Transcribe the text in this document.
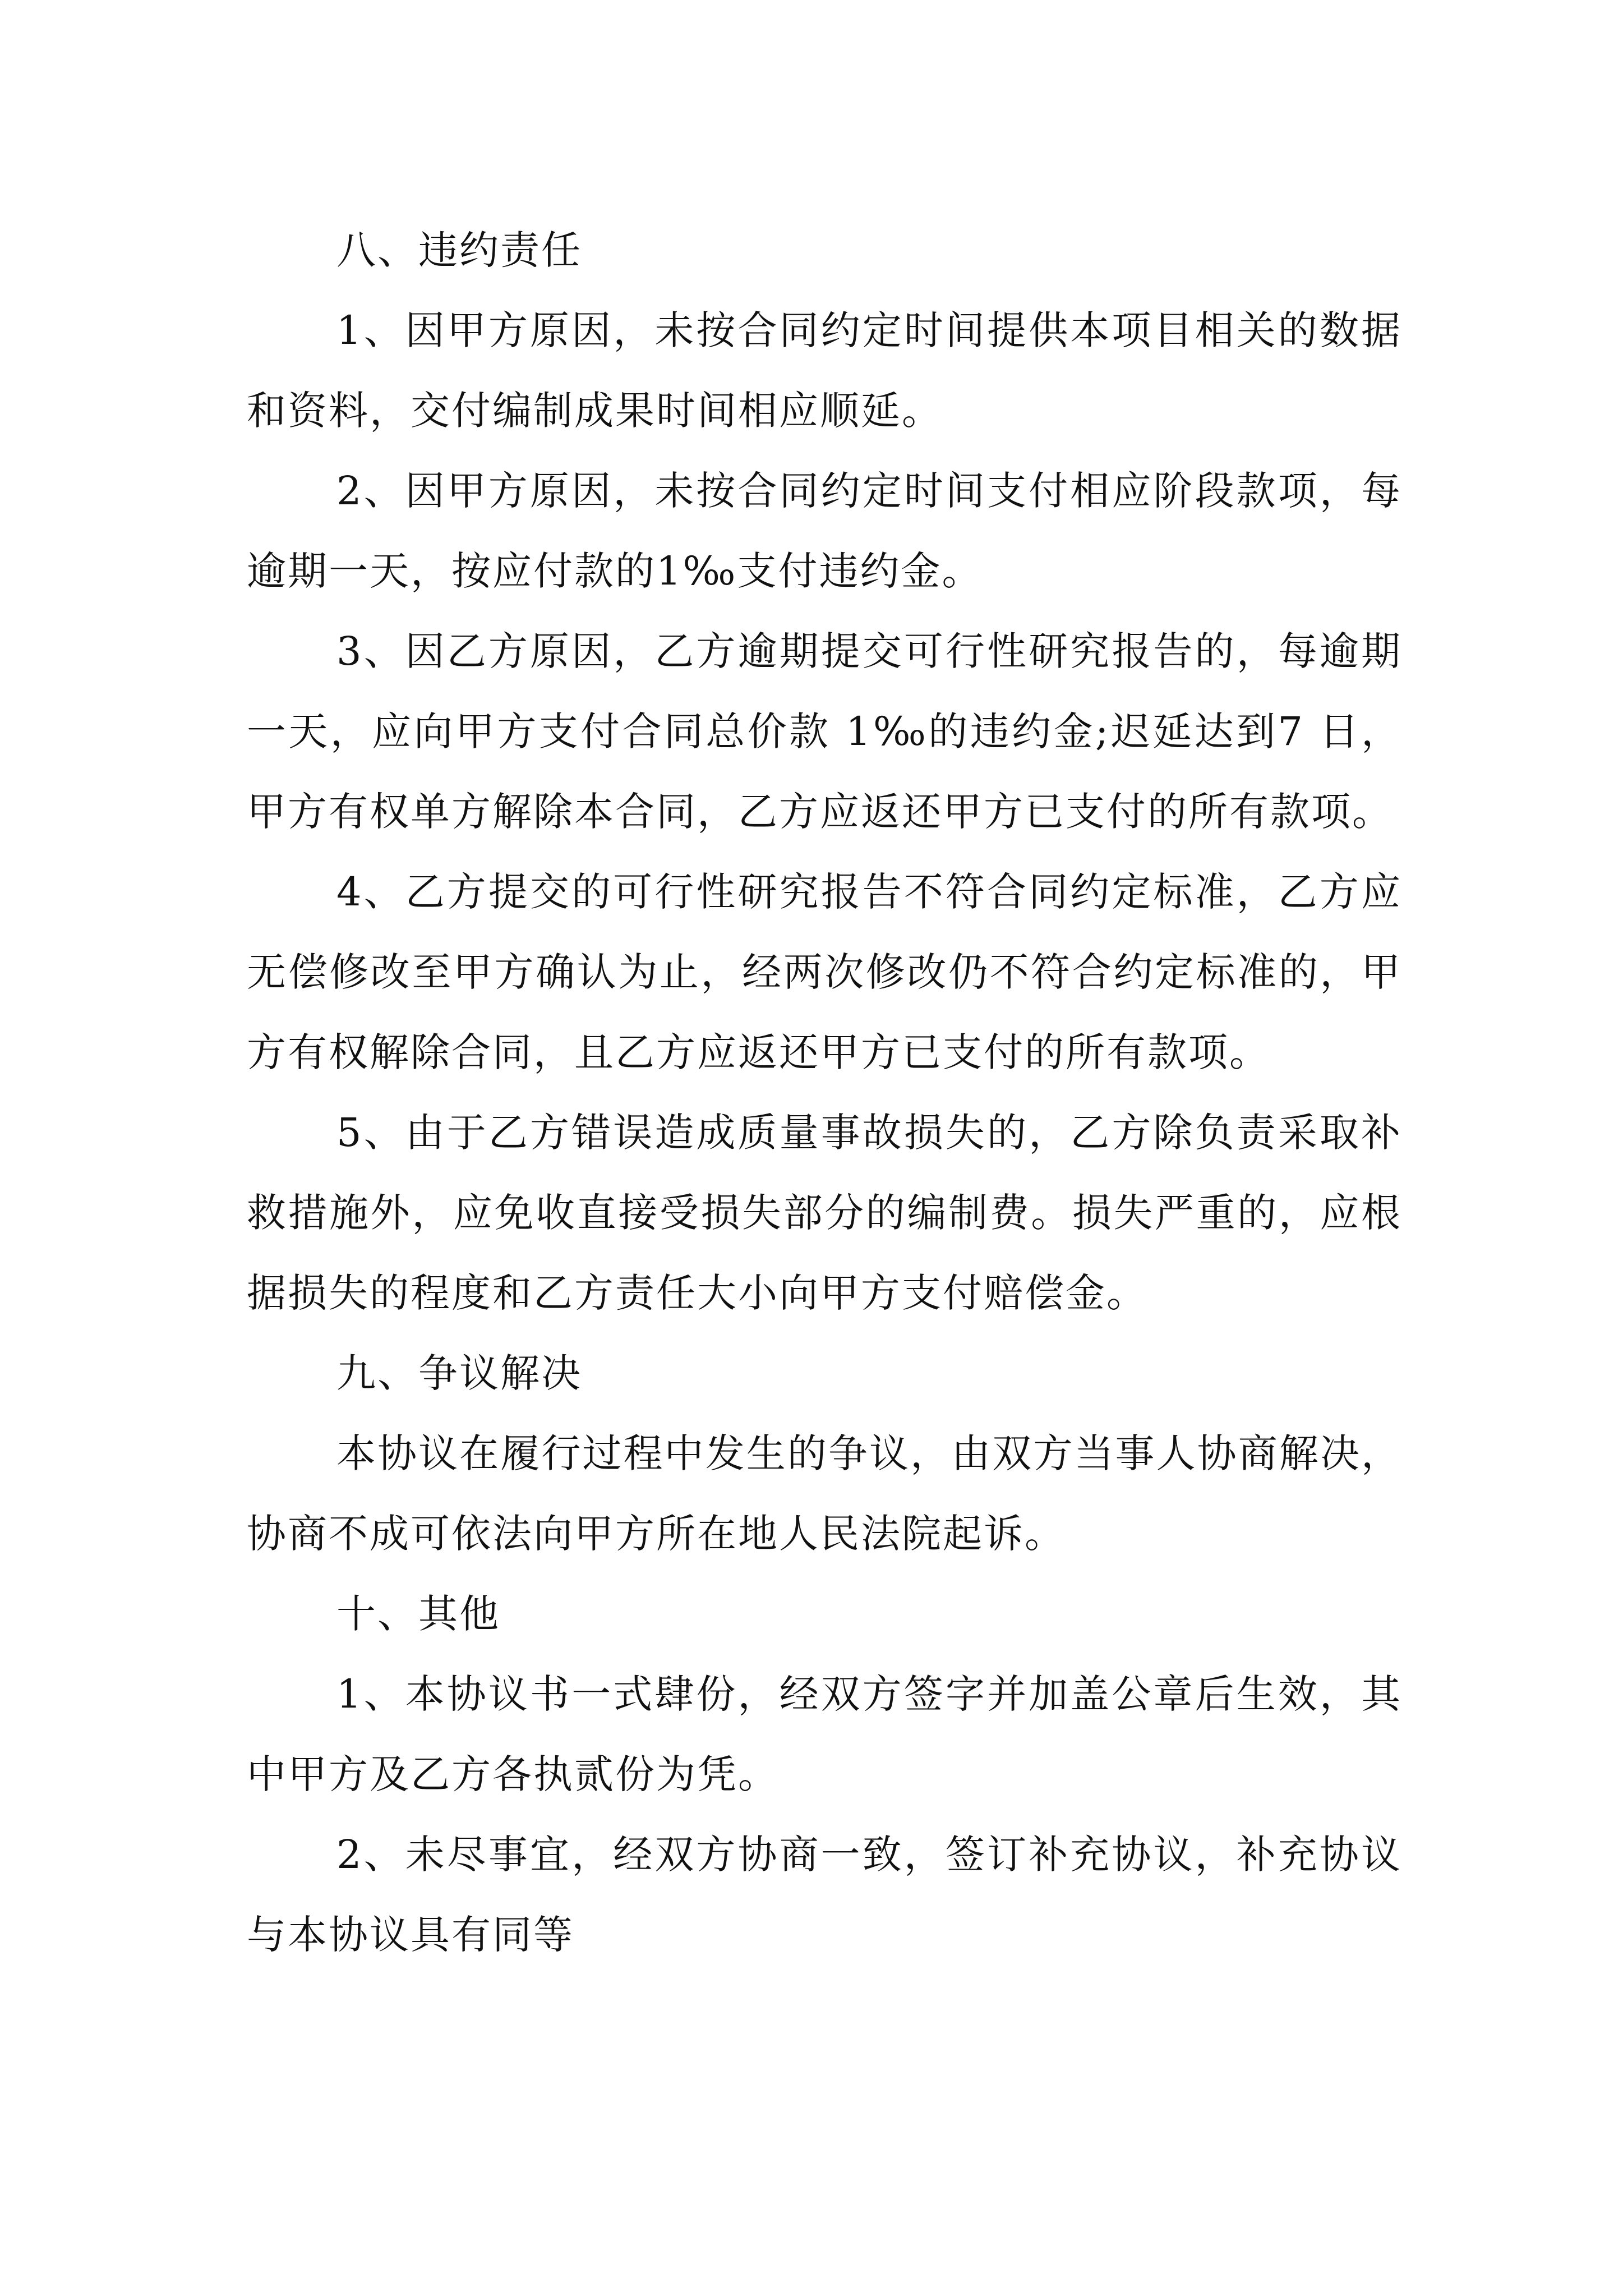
八、违约责任

1、因甲方原因，未按合同约定时间提供本项目相关的数据和资料，交付编制成果时间相应顺延。

2、因甲方原因，未按合同约定时间支付相应阶段款项，每逾期一天，按应付款的1‰支付违约金。

3、因乙方原因，乙方逾期提交可行性研究报告的，每逾期一天，应向甲方支付合同总价款 1‰的违约金;迟延达到7 日，甲方有权单方解除本合同，乙方应返还甲方已支付的所有款项。

4、乙方提交的可行性研究报告不符合同约定标准，乙方应无偿修改至甲方确认为止，经两次修改仍不符合约定标准的，甲方有权解除合同，且乙方应返还甲方已支付的所有款项。

5、由于乙方错误造成质量事故损失的，乙方除负责采取补救措施外，应免收直接受损失部分的编制费。损失严重的，应根据损失的程度和乙方责任大小向甲方支付赔偿金。

九、争议解决

本协议在履行过程中发生的争议，由双方当事人协商解决，协商不成可依法向甲方所在地人民法院起诉。

十、其他

1、本协议书一式肆份，经双方签字并加盖公章后生效，其中甲方及乙方各执贰份为凭。

2、未尽事宜，经双方协商一致，签订补充协议，补充协议与本协议具有同等
